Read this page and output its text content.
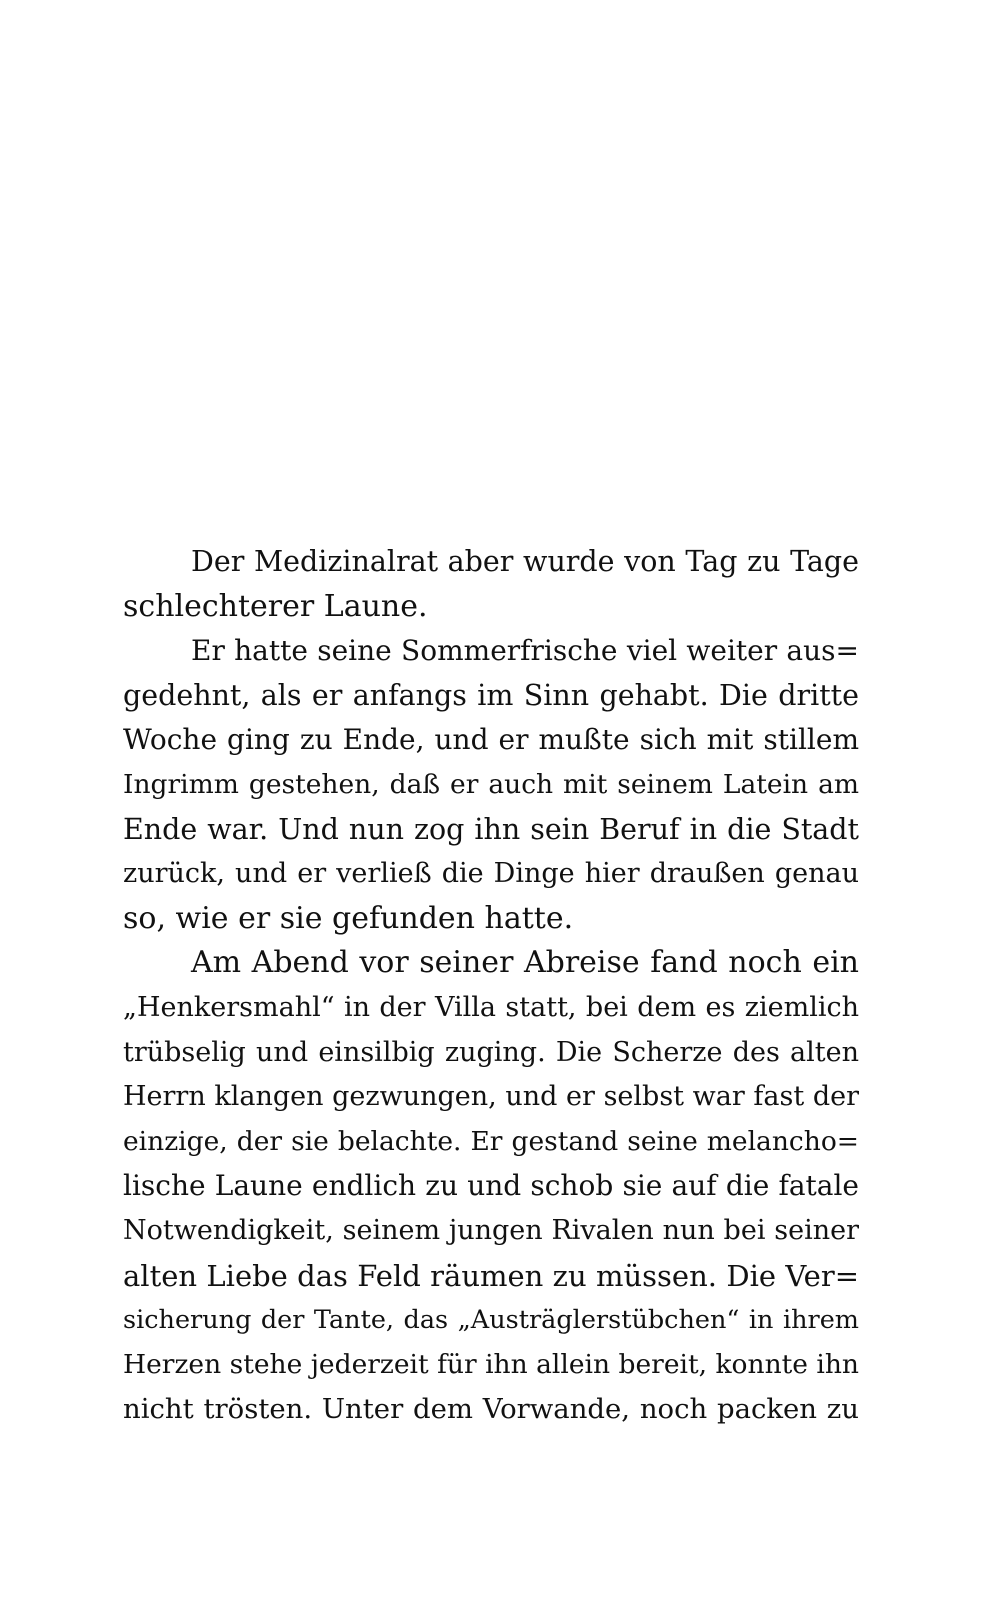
Der Medizinalrat aber wurde von Tag zu Tage
schlechterer Laune.
Er hatte seine Sommerfrische viel weiter aus=
gedehnt, als er anfangs im Sinn gehabt. Die dritte
Woche ging zu Ende, und er mußte sich mit stillem
Ingrimm gestehen, daß er auch mit seinem Latein am
Ende war. Und nun zog ihn sein Beruf in die Stadt
zurück, und er verließ die Dinge hier draußen genau
so, wie er sie gefunden hatte.
Am Abend vor seiner Abreise fand noch ein
„Henkersmahl“ in der Villa statt, bei dem es ziemlich
trübselig und einsilbig zuging. Die Scherze des alten
Herrn klangen gezwungen, und er selbst war fast der
einzige, der sie belachte. Er gestand seine melancho=
lische Laune endlich zu und schob sie auf die fatale
Notwendigkeit, seinem jungen Rivalen nun bei seiner
alten Liebe das Feld räumen zu müssen. Die Ver=
sicherung der Tante, das „Austräglerstübchen“ in ihrem
Herzen stehe jederzeit für ihn allein bereit, konnte ihn
nicht trösten. Unter dem Vorwande, noch packen zu
